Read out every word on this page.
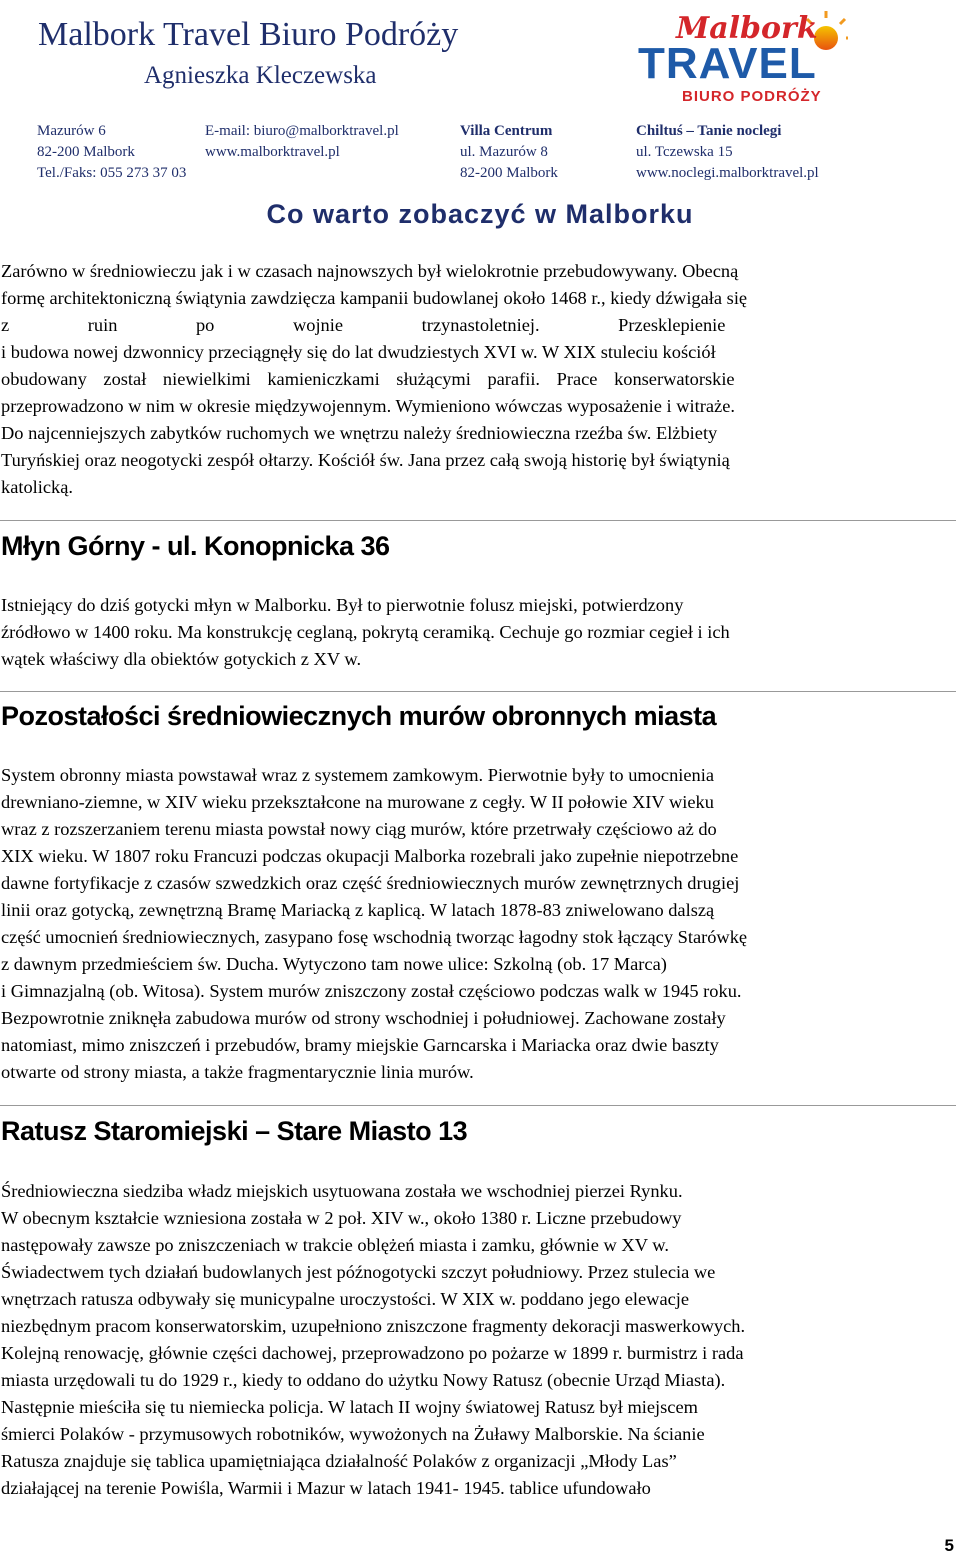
Malbork Travel Biuro Podróży
Agnieszka Kleczewska
Malbork
TRAVEL
BIURO PODRÓŻY
Mazurów 6
82-200 Malbork
Tel./Faks: 055 273 37 03
E-mail: biuro@malborktravel.pl
www.malborktravel.pl
Villa Centrum
ul. Mazurów 8
82-200 Malbork
Chiltuś – Tanie noclegi
ul. Tczewska 15
www.noclegi.malborktravel.pl
Co warto zobaczyć w Malborku
Zarówno w średniowieczu jak i w czasach najnowszych był wielokrotnie przebudowywany. Obecną
formę architektoniczną świątynia zawdzięcza kampanii budowlanej około 1468 r., kiedy dźwigała się
z ruin po wojnie trzynastoletniej. Przesklepienie
i budowa nowej dzwonnicy przeciągnęły się do lat dwudziestych XVI w. W XIX stuleciu kościół
obudowany został niewielkimi kamieniczkami służącymi parafii. Prace konserwatorskie
przeprowadzono w nim w okresie międzywojennym. Wymieniono wówczas wyposażenie i witraże.
Do najcenniejszych zabytków ruchomych we wnętrzu należy średniowieczna rzeźba św. Elżbiety
Turyńskiej oraz neogotycki zespół ołtarzy. Kościół św. Jana przez całą swoją historię był świątynią
katolicką.
Młyn Górny - ul. Konopnicka 36
Istniejący do dziś gotycki młyn w Malborku. Był to pierwotnie folusz miejski, potwierdzony
źródłowo w 1400 roku. Ma konstrukcję ceglaną, pokrytą ceramiką. Cechuje go rozmiar cegieł i ich
wątek właściwy dla obiektów gotyckich z XV w.
Pozostałości średniowiecznych murów obronnych miasta
System obronny miasta powstawał wraz z systemem zamkowym. Pierwotnie były to umocnienia
drewniano-ziemne, w XIV wieku przekształcone na murowane z cegły. W II połowie XIV wieku
wraz z rozszerzaniem terenu miasta powstał nowy ciąg murów, które przetrwały częściowo aż do
XIX wieku. W 1807 roku Francuzi podczas okupacji Malborka rozebrali jako zupełnie niepotrzebne
dawne fortyfikacje z czasów szwedzkich oraz część średniowiecznych murów zewnętrznych drugiej
linii oraz gotycką, zewnętrzną Bramę Mariacką z kaplicą. W latach 1878-83 zniwelowano dalszą
część umocnień średniowiecznych, zasypano fosę wschodnią tworząc łagodny stok łączący Starówkę
z dawnym przedmieściem św. Ducha. Wytyczono tam nowe ulice: Szkolną (ob. 17 Marca)
i Gimnazjalną (ob. Witosa). System murów zniszczony został częściowo podczas walk w 1945 roku.
Bezpowrotnie zniknęła zabudowa murów od strony wschodniej i południowej. Zachowane zostały
natomiast, mimo zniszczeń i przebudów, bramy miejskie Garncarska i Mariacka oraz dwie baszty
otwarte od strony miasta, a także fragmentarycznie linia murów.
Ratusz Staromiejski – Stare Miasto 13
Średniowieczna siedziba władz miejskich usytuowana została we wschodniej pierzei Rynku.
W obecnym kształcie wzniesiona została w 2 poł. XIV w., około 1380 r. Liczne przebudowy
następowały zawsze po zniszczeniach w trakcie oblężeń miasta i zamku, głównie w XV w.
Świadectwem tych działań budowlanych jest późnogotycki szczyt południowy. Przez stulecia we
wnętrzach ratusza odbywały się municypalne uroczystości. W XIX w. poddano jego elewacje
niezbędnym pracom konserwatorskim, uzupełniono zniszczone fragmenty dekoracji maswerkowych.
Kolejną renowację, głównie części dachowej, przeprowadzono po pożarze w 1899 r. burmistrz i rada
miasta urzędowali tu do 1929 r., kiedy to oddano do użytku Nowy Ratusz (obecnie Urząd Miasta).
Następnie mieściła się tu niemiecka policja. W latach II wojny światowej Ratusz był miejscem
śmierci Polaków - przymusowych robotników, wywożonych na Żuławy Malborskie. Na ścianie
Ratusza znajduje się tablica upamiętniająca działalność Polaków z organizacji „Młody Las”
działającej na terenie Powiśla, Warmii i Mazur w latach 1941- 1945. tablice ufundowało
5
